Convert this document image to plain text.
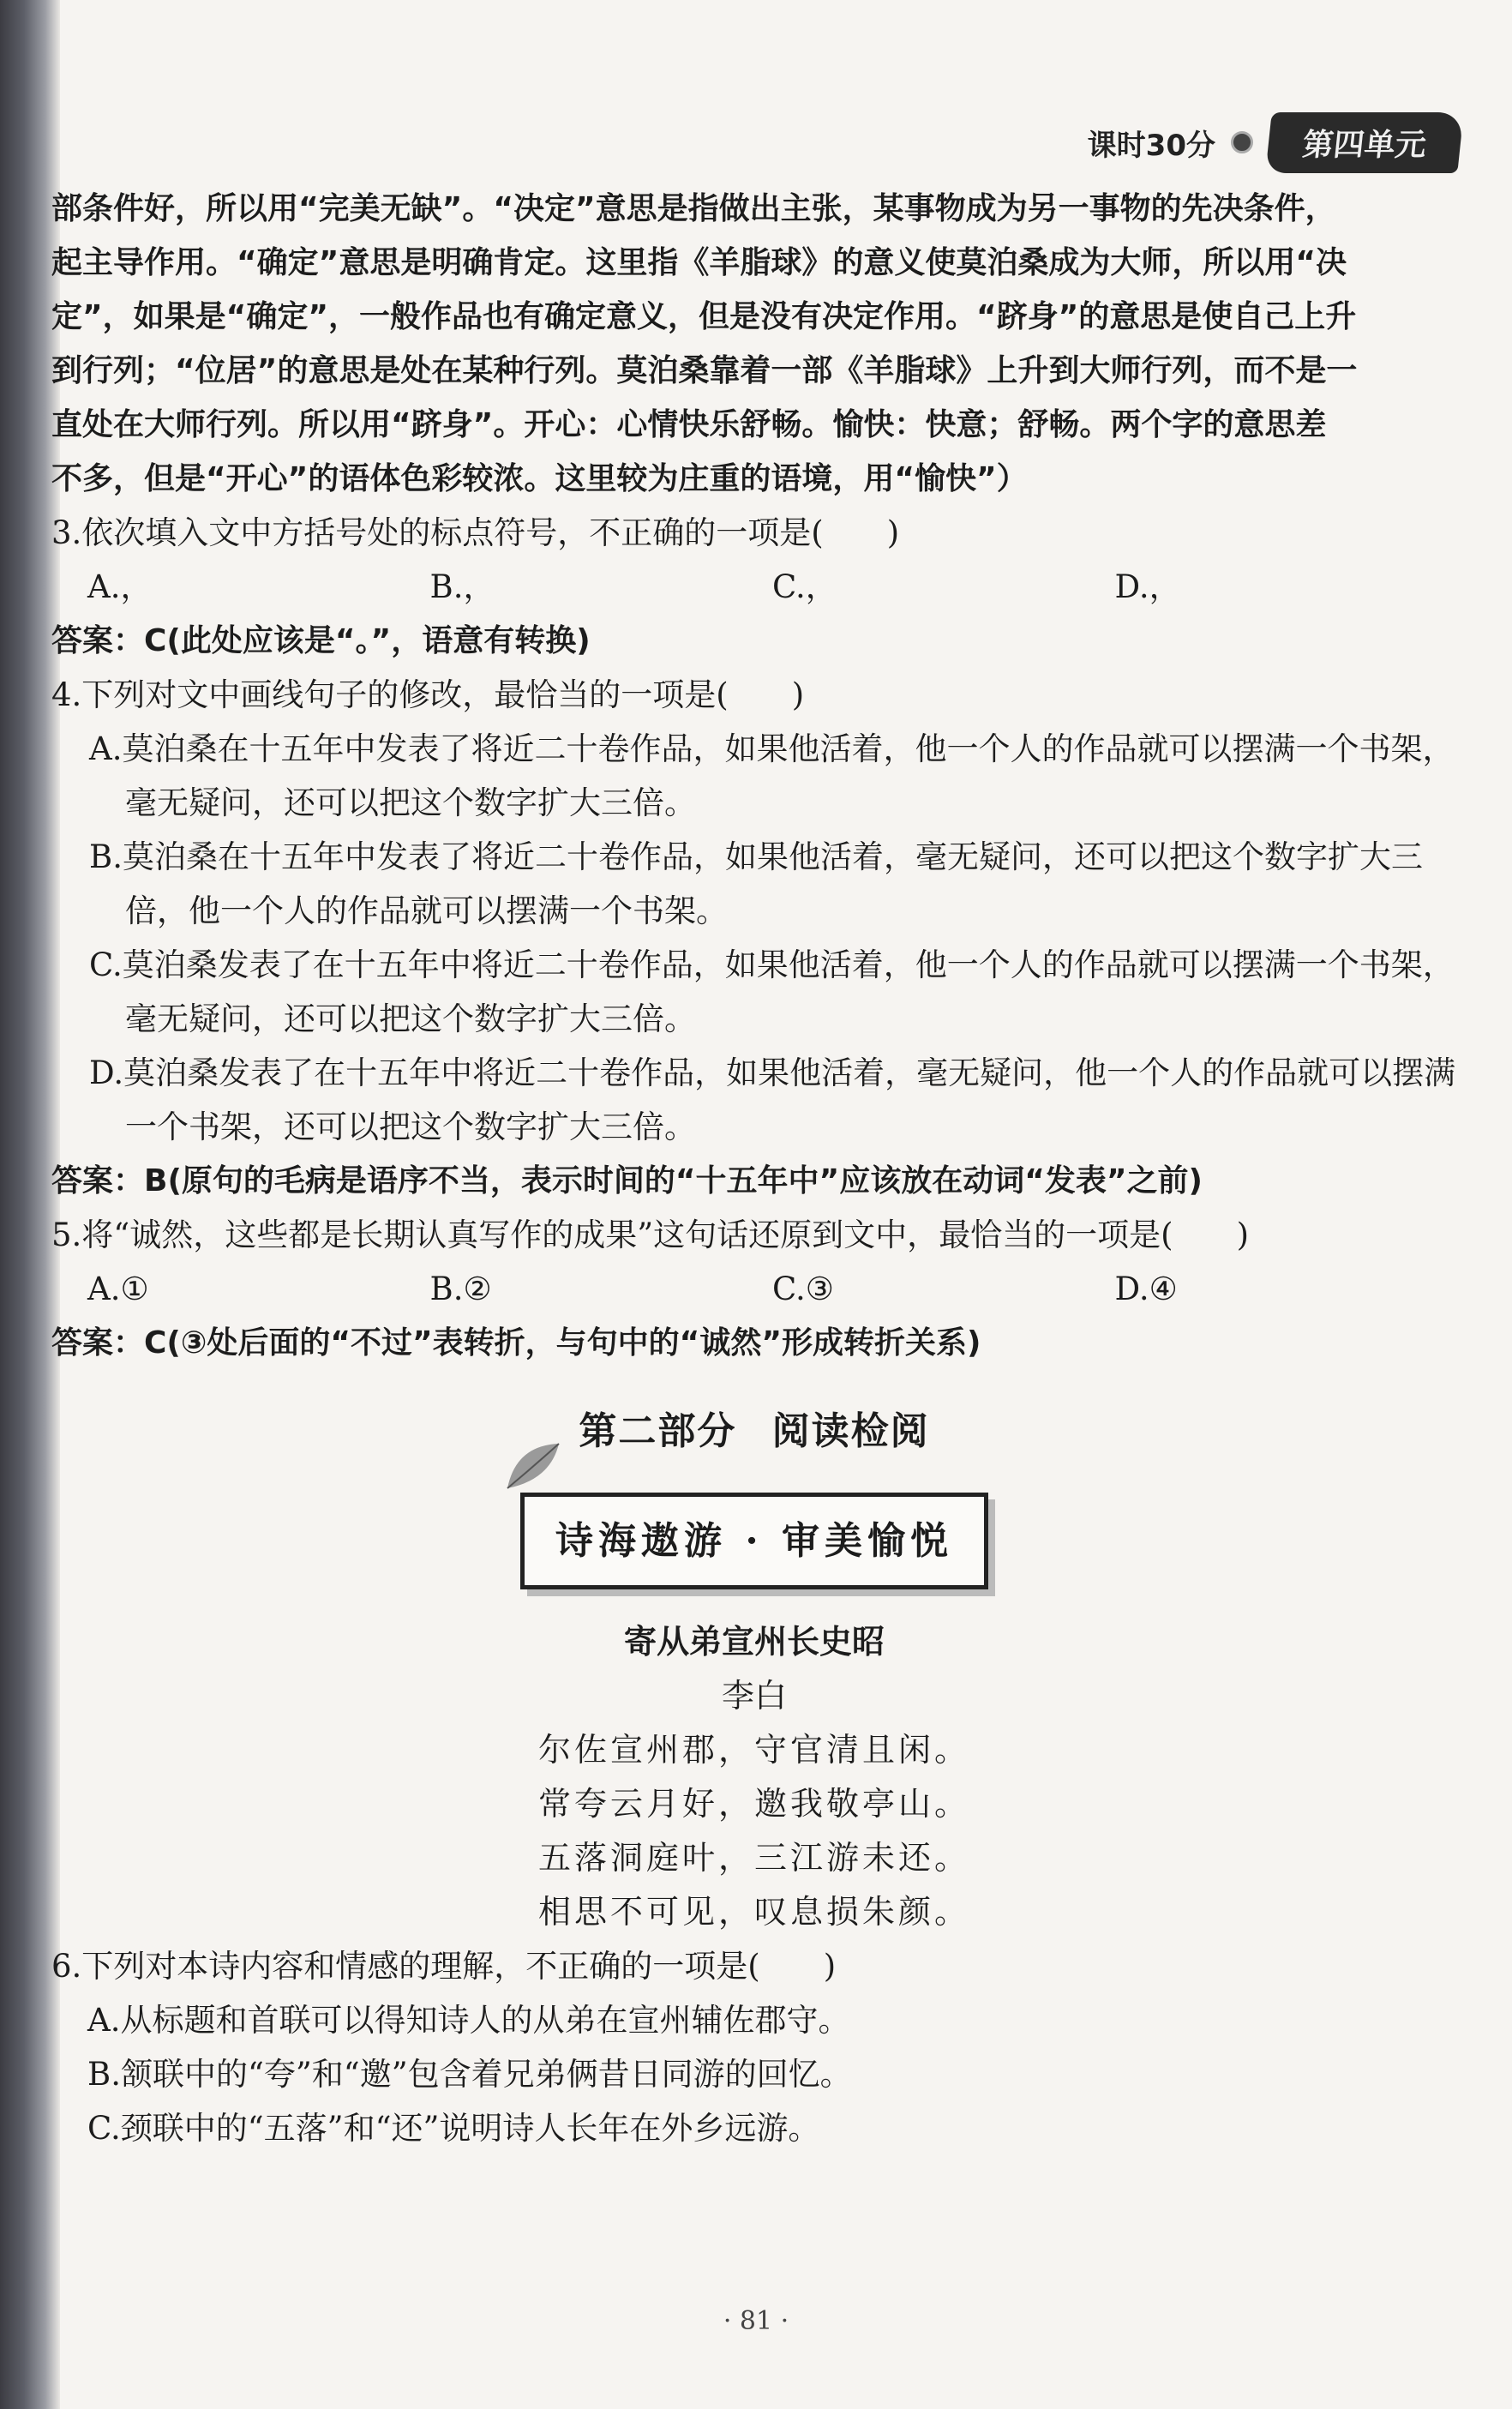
课时30分	第四单元

部条件好，所以用“完美无缺”。“决定”意思是指做出主张，某事物成为另一事物的先决条件，

起主导作用。“确定”意思是明确肯定。这里指《羊脂球》的意义使莫泊桑成为大师，所以用“决

定”，如果是“确定”，一般作品也有确定意义，但是没有决定作用。“跻身”的意思是使自己上升

到行列；“位居”的意思是处在某种行列。莫泊桑靠着一部《羊脂球》上升到大师行列，而不是一

直处在大师行列。所以用“跻身”。开心：心情快乐舒畅。愉快：快意；舒畅。两个字的意思差

不多，但是“开心”的语体色彩较浓。这里较为庄重的语境，用“愉快”）

3.依次填入文中方括号处的标点符号，不正确的一项是(　　)

A.，	B.，	C.，	D.，

答案：C(此处应该是“。”，语意有转换)

4.下列对文中画线句子的修改，最恰当的一项是(　　)

A.莫泊桑在十五年中发表了将近二十卷作品，如果他活着，他一个人的作品就可以摆满一个书架，毫无疑问，还可以把这个数字扩大三倍。

B.莫泊桑在十五年中发表了将近二十卷作品，如果他活着，毫无疑问，还可以把这个数字扩大三倍，他一个人的作品就可以摆满一个书架。

C.莫泊桑发表了在十五年中将近二十卷作品，如果他活着，他一个人的作品就可以摆满一个书架，毫无疑问，还可以把这个数字扩大三倍。

D.莫泊桑发表了在十五年中将近二十卷作品，如果他活着，毫无疑问，他一个人的作品就可以摆满一个书架，还可以把这个数字扩大三倍。

答案：B(原句的毛病是语序不当，表示时间的“十五年中”应该放在动词“发表”之前)

5.将“诚然，这些都是长期认真写作的成果”这句话还原到文中，最恰当的一项是(　　)

A.①	B.②	C.③	D.④

答案：C(③处后面的“不过”表转折，与句中的“诚然”形成转折关系)

第二部分 阅读检阅
诗海遨游 · 审美愉悦

寄从弟宣州长史昭

李白

尔佐宣州郡，守官清且闲。

常夸云月好，邀我敬亭山。

五落洞庭叶，三江游未还。

相思不可见，叹息损朱颜。

6.下列对本诗内容和情感的理解，不正确的一项是(　　)

A.从标题和首联可以得知诗人的从弟在宣州辅佐郡守。

B.颔联中的“夸”和“邀”包含着兄弟俩昔日同游的回忆。

C.颈联中的“五落”和“还”说明诗人长年在外乡远游。

· 81 ·
